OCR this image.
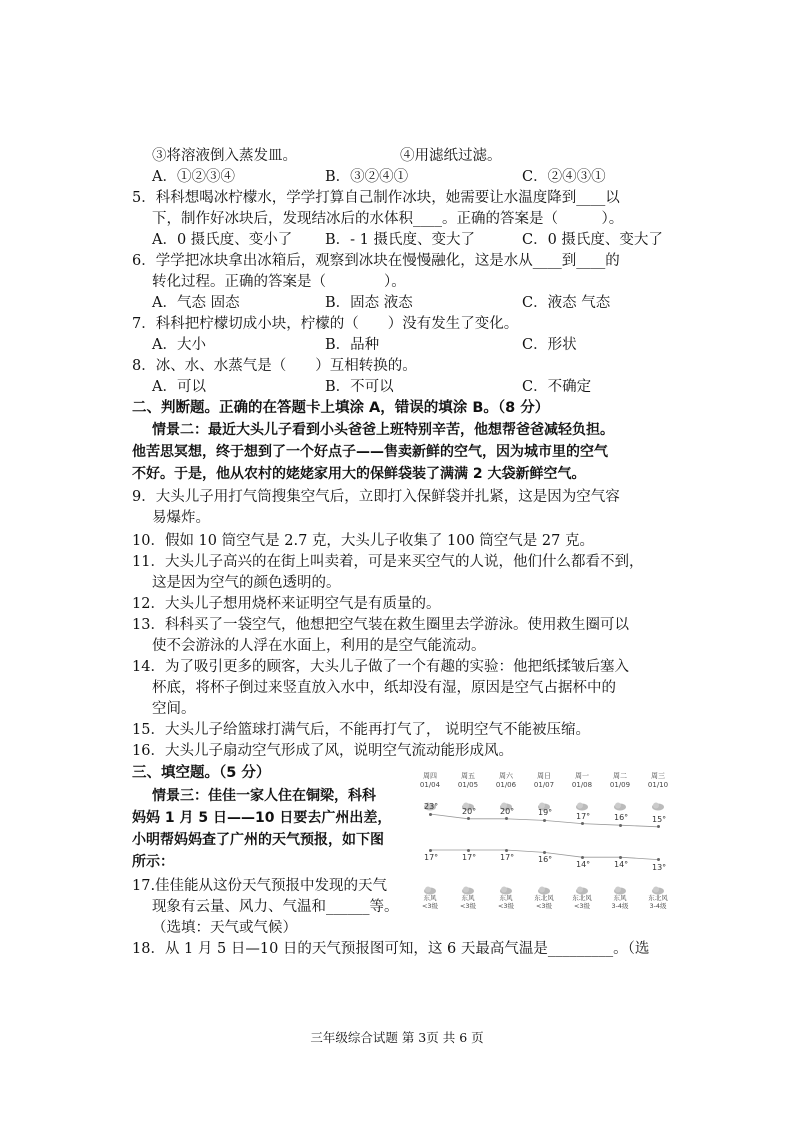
③将溶液倒入蒸发皿。	④用滤纸过滤。
A．①②③④	B．③②④①	C．②④③①
5．科科想喝冰柠檬水，学学打算自己制作冰块，她需要让水温度降到____以
下，制作好冰块后，发现结冰后的水体积____。正确的答案是（　　　）。
A．0 摄氏度、变小了 B．- 1 摄氏度、变大了	C．0 摄氏度、变大了
6．学学把冰块拿出冰箱后，观察到冰块在慢慢融化，这是水从____到____的
转化过程。正确的答案是（　　　　）。
A．气态 固态	B．固态 液态	C．液态 气态
7．科科把柠檬切成小块，柠檬的（　　）没有发生了变化。
A．大小	B．品种	C．形状
8．冰、水、水蒸气是（　　）互相转换的。
A．可以	B．不可以	C．不确定
二、判断题。正确的在答题卡上填涂 A，错误的填涂 B。（8 分）
情景二：最近大头儿子看到小头爸爸上班特别辛苦，他想帮爸爸减轻负担。
他苦思冥想，终于想到了一个好点子——售卖新鲜的空气，因为城市里的空气
不好。于是，他从农村的姥姥家用大的保鲜袋装了满满 2 大袋新鲜空气。
9．大头儿子用打气筒搜集空气后，立即打入保鲜袋并扎紧，这是因为空气容
易爆炸。
10．假如 10 筒空气是 2.7 克，大头儿子收集了 100 筒空气是 27 克。
11．大头儿子高兴的在街上叫卖着，可是来买空气的人说，他们什么都看不到，
这是因为空气的颜色透明的。
12．大头儿子想用烧杯来证明空气是有质量的。
13．科科买了一袋空气，他想把空气装在救生圈里去学游泳。使用救生圈可以
使不会游泳的人浮在水面上，利用的是空气能流动。
14．为了吸引更多的顾客，大头儿子做了一个有趣的实验：他把纸揉皱后塞入
杯底，将杯子倒过来竖直放入水中，纸却没有湿，原因是空气占据杯中的
空间。
15．大头儿子给篮球打满气后，不能再打气了， 说明空气不能被压缩。
16．大头儿子扇动空气形成了风，说明空气流动能形成风。
三、填空题。（5 分）
情景三：佳佳一家人住在铜梁，科科
妈妈 1 月 5 日——10 日要去广州出差，
小明帮妈妈查了广州的天气预报，如下图
所示：
17.佳佳能从这份天气预报中发现的天气
现象有云量、风力、气温和______等。
（选填：天气或气候）
18．从 1 月 5 日—10 日的天气预报图可知，这 6 天最高气温是_________。（选
周四
01/04
23°
17°
东风
<3级
周五
01/05
20°
17°
东风
<3级
周六
01/06
20°
17°
东风
<3级
周日
01/07
19°
16°
东北风
<3级
周一
01/08
17°
14°
东北风
<3级
周二
01/09
16°
14°
东风
3-4级
周三
01/10
15°
13°
东北风
3-4级
三年级综合试题 第 3页 共 6 页
